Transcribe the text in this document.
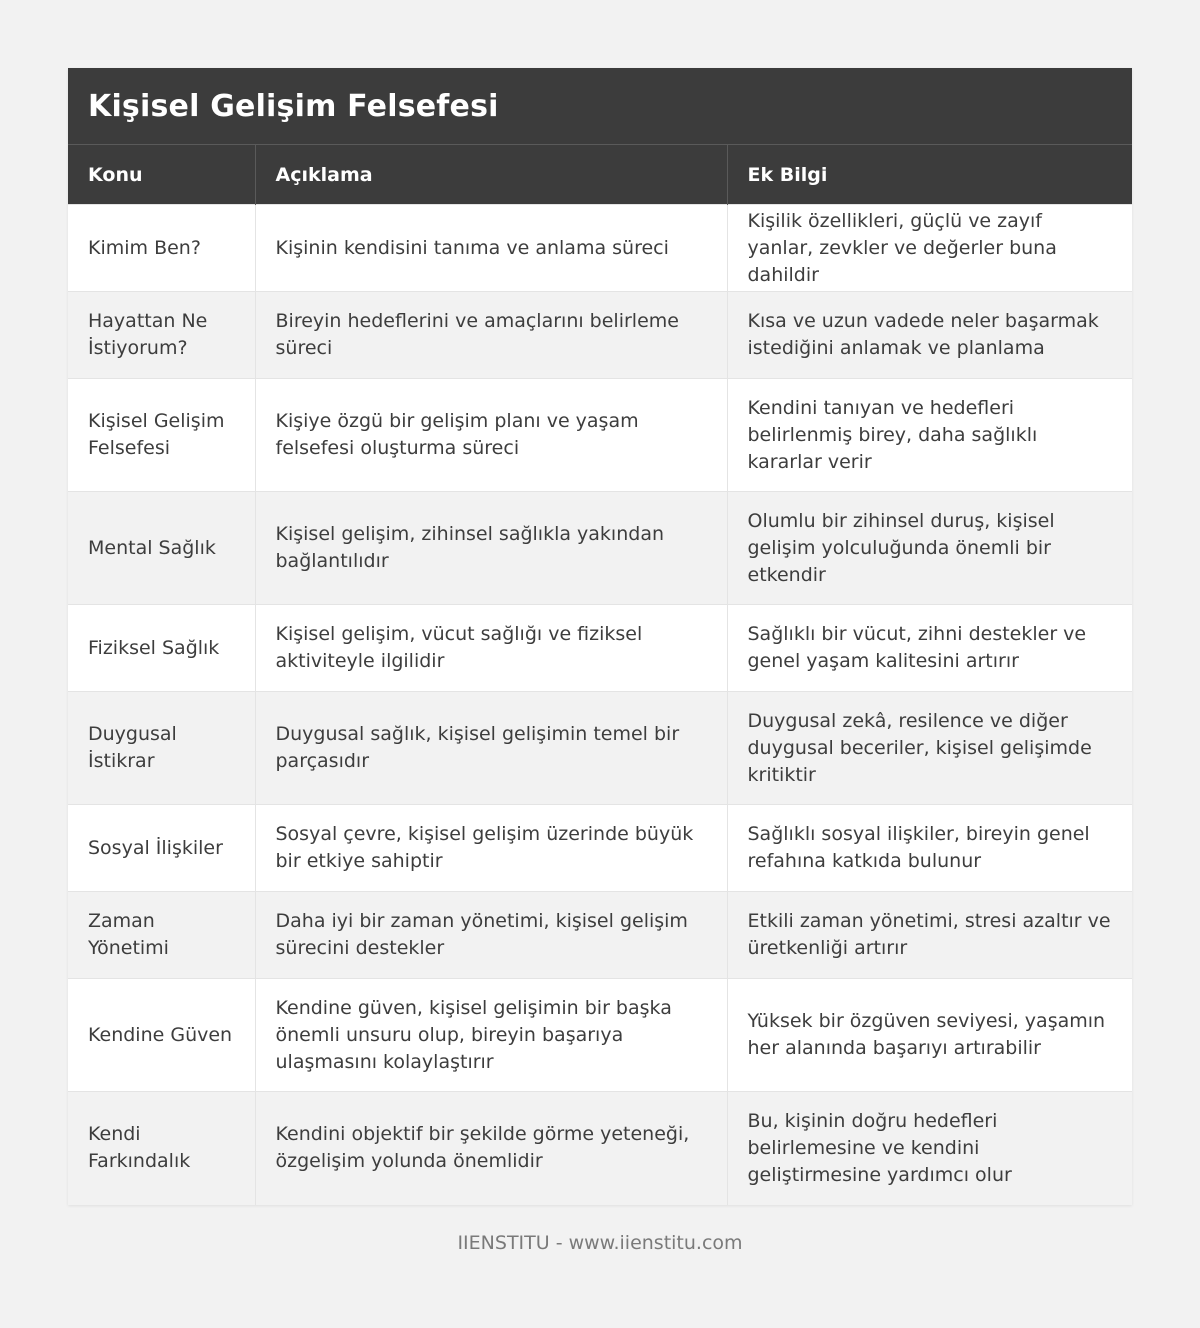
Kişisel Gelişim Felsefesi
Konu	Açıklama	Ek Bilgi
Kimim Ben?	Kişinin kendisini tanıma ve anlama süreci	Kişilik özellikleri, güçlü ve zayıf yanlar, zevkler ve değerler buna dahildir
Hayattan Ne İstiyorum?	Bireyin hedeflerini ve amaçlarını belirleme süreci	Kısa ve uzun vadede neler başarmak istediğini anlamak ve planlama
Kişisel Gelişim Felsefesi	Kişiye özgü bir gelişim planı ve yaşam felsefesi oluşturma süreci	Kendini tanıyan ve hedefleri belirlenmiş birey, daha sağlıklı kararlar verir
Mental Sağlık	Kişisel gelişim, zihinsel sağlıkla yakından bağlantılıdır	Olumlu bir zihinsel duruş, kişisel gelişim yolculuğunda önemli bir etkendir
Fiziksel Sağlık	Kişisel gelişim, vücut sağlığı ve fiziksel aktiviteyle ilgilidir	Sağlıklı bir vücut, zihni destekler ve genel yaşam kalitesini artırır
Duygusal İstikrar	Duygusal sağlık, kişisel gelişimin temel bir parçasıdır	Duygusal zekâ, resilence ve diğer duygusal beceriler, kişisel gelişimde kritiktir
Sosyal İlişkiler	Sosyal çevre, kişisel gelişim üzerinde büyük bir etkiye sahiptir	Sağlıklı sosyal ilişkiler, bireyin genel refahına katkıda bulunur
Zaman Yönetimi	Daha iyi bir zaman yönetimi, kişisel gelişim sürecini destekler	Etkili zaman yönetimi, stresi azaltır ve üretkenliği artırır
Kendine Güven	Kendine güven, kişisel gelişimin bir başka önemli unsuru olup, bireyin başarıya ulaşmasını kolaylaştırır	Yüksek bir özgüven seviyesi, yaşamın her alanında başarıyı artırabilir
Kendi Farkındalık	Kendini objektif bir şekilde görme yeteneği, özgelişim yolunda önemlidir	Bu, kişinin doğru hedefleri belirlemesine ve kendini geliştirmesine yardımcı olur
IIENSTITU - www.iienstitu.com
